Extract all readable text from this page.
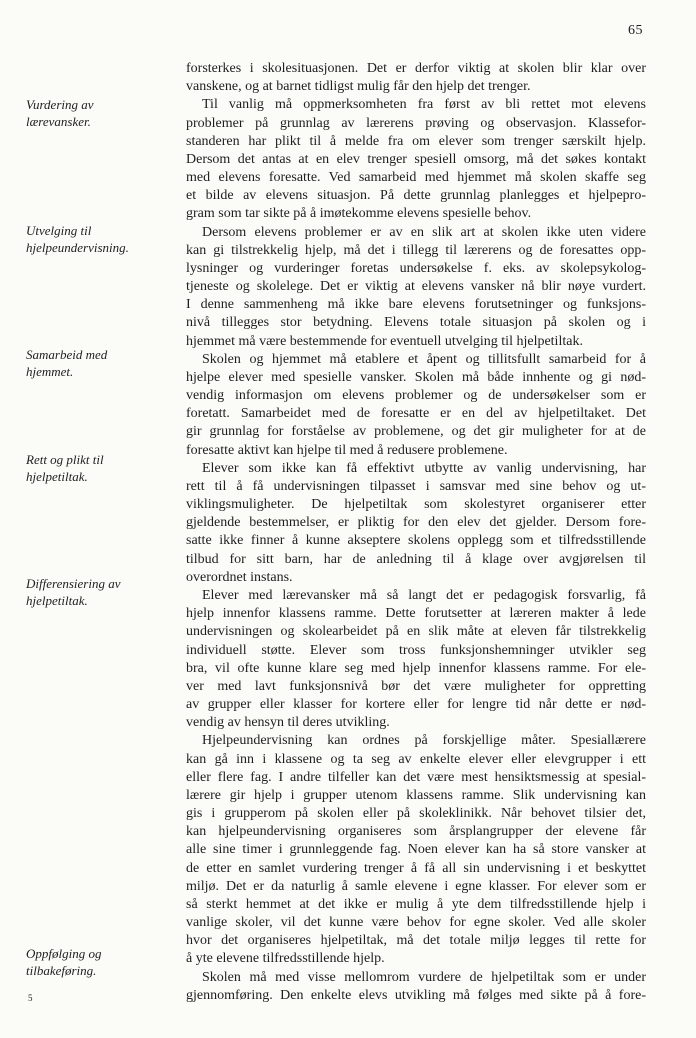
65
Vurdering av
lærevansker.
Utvelging til
hjelpeundervisning.
Samarbeid med
hjemmet.
Rett og plikt til
hjelpetiltak.
Differensiering av
hjelpetiltak.
Oppfølging og
tilbakeføring.
forsterkes i skolesituasjonen. Det er derfor viktig at skolen blir klar over
vanskene, og at barnet tidligst mulig får den hjelp det trenger.
Til vanlig må oppmerksomheten fra først av bli rettet mot elevens
problemer på grunnlag av lærerens prøving og observasjon. Klassefor-
standeren har plikt til å melde fra om elever som trenger særskilt hjelp.
Dersom det antas at en elev trenger spesiell omsorg, må det søkes kontakt
med elevens foresatte. Ved samarbeid med hjemmet må skolen skaffe seg
et bilde av elevens situasjon. På dette grunnlag planlegges et hjelpepro-
gram som tar sikte på å imøtekomme elevens spesielle behov.
Dersom elevens problemer er av en slik art at skolen ikke uten videre
kan gi tilstrekkelig hjelp, må det i tillegg til lærerens og de foresattes opp-
lysninger og vurderinger foretas undersøkelse f. eks. av skolepsykolog-
tjeneste og skolelege. Det er viktig at elevens vansker nå blir nøye vurdert.
I denne sammenheng må ikke bare elevens forutsetninger og funksjons-
nivå tillegges stor betydning. Elevens totale situasjon på skolen og i
hjemmet må være bestemmende for eventuell utvelging til hjelpetiltak.
Skolen og hjemmet må etablere et åpent og tillitsfullt samarbeid for å
hjelpe elever med spesielle vansker. Skolen må både innhente og gi nød-
vendig informasjon om elevens problemer og de undersøkelser som er
foretatt. Samarbeidet med de foresatte er en del av hjelpetiltaket. Det
gir grunnlag for forståelse av problemene, og det gir muligheter for at de
foresatte aktivt kan hjelpe til med å redusere problemene.
Elever som ikke kan få effektivt utbytte av vanlig undervisning, har
rett til å få undervisningen tilpasset i samsvar med sine behov og ut-
viklingsmuligheter. De hjelpetiltak som skolestyret organiserer etter
gjeldende bestemmelser, er pliktig for den elev det gjelder. Dersom fore-
satte ikke finner å kunne akseptere skolens opplegg som et tilfredsstillende
tilbud for sitt barn, har de anledning til å klage over avgjørelsen til
overordnet instans.
Elever med lærevansker må så langt det er pedagogisk forsvarlig, få
hjelp innenfor klassens ramme. Dette forutsetter at læreren makter å lede
undervisningen og skolearbeidet på en slik måte at eleven får tilstrekkelig
individuell støtte. Elever som tross funksjonshemninger utvikler seg
bra, vil ofte kunne klare seg med hjelp innenfor klassens ramme. For ele-
ver med lavt funksjonsnivå bør det være muligheter for oppretting
av grupper eller klasser for kortere eller for lengre tid når dette er nød-
vendig av hensyn til deres utvikling.
Hjelpeundervisning kan ordnes på forskjellige måter. Spesiallærere
kan gå inn i klassene og ta seg av enkelte elever eller elevgrupper i ett
eller flere fag. I andre tilfeller kan det være mest hensiktsmessig at spesial-
lærere gir hjelp i grupper utenom klassens ramme. Slik undervisning kan
gis i grupperom på skolen eller på skoleklinikk. Når behovet tilsier det,
kan hjelpeundervisning organiseres som årsplangrupper der elevene får
alle sine timer i grunnleggende fag. Noen elever kan ha så store vansker at
de etter en samlet vurdering trenger å få all sin undervisning i et beskyttet
miljø. Det er da naturlig å samle elevene i egne klasser. For elever som er
så sterkt hemmet at det ikke er mulig å yte dem tilfredsstillende hjelp i
vanlige skoler, vil det kunne være behov for egne skoler. Ved alle skoler
hvor det organiseres hjelpetiltak, må det totale miljø legges til rette for
å yte elevene tilfredsstillende hjelp.
Skolen må med visse mellomrom vurdere de hjelpetiltak som er under
gjennomføring. Den enkelte elevs utvikling må følges med sikte på å fore-
5
